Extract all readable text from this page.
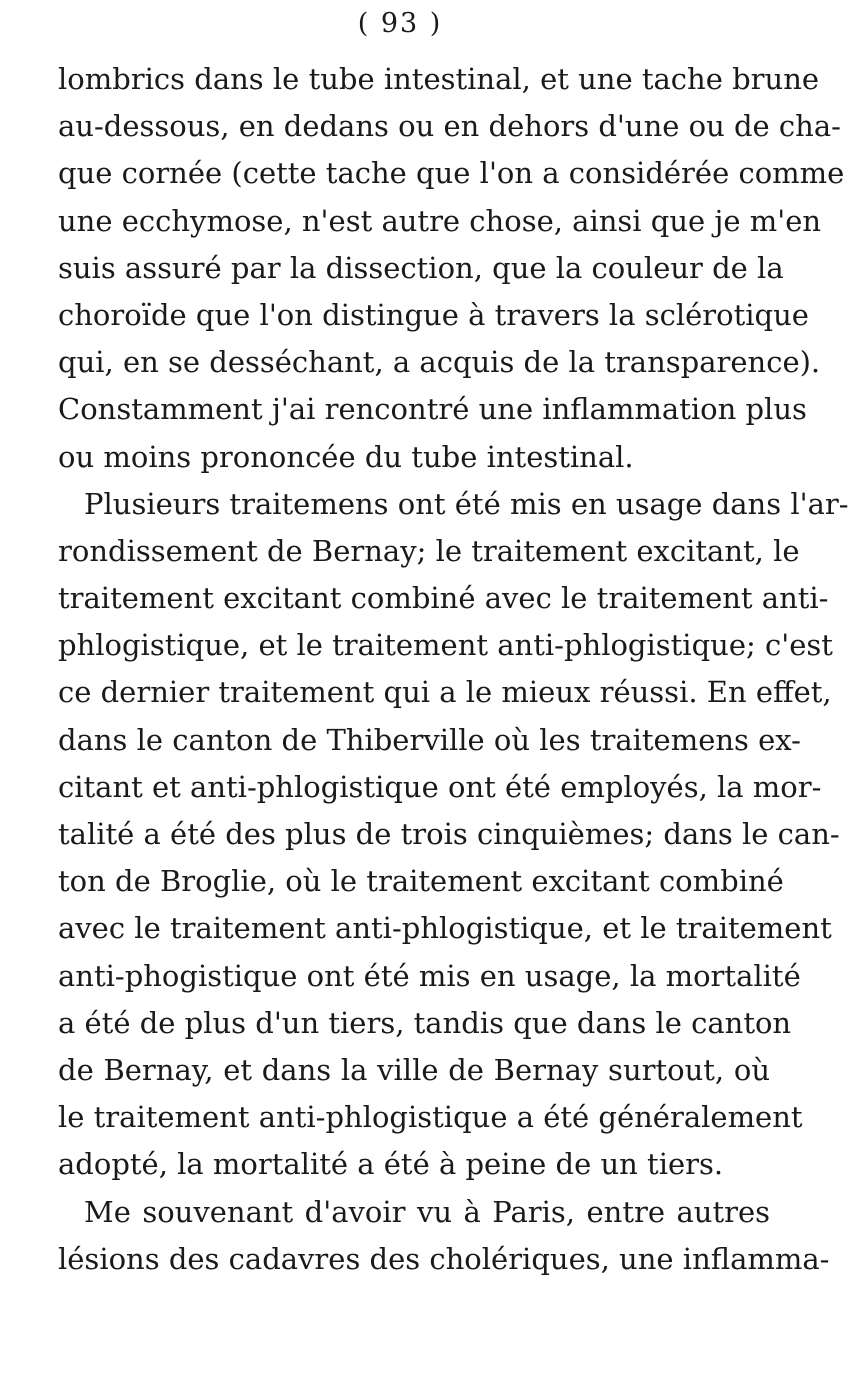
( 93 )
lombrics dans le tube intestinal, et une tache brune
au-dessous, en dedans ou en dehors d'une ou de cha-
que cornée (cette tache que l'on a considérée comme
une ecchymose, n'est autre chose, ainsi que je m'en
suis assuré par la dissection, que la couleur de la
choroïde que l'on distingue à travers la sclérotique
qui, en se desséchant, a acquis de la transparence).
Constamment j'ai rencontré une inflammation plus
ou moins prononcée du tube intestinal.
Plusieurs traitemens ont été mis en usage dans l'ar-
rondissement de Bernay; le traitement excitant, le
traitement excitant combiné avec le traitement anti-
phlogistique, et le traitement anti-phlogistique; c'est
ce dernier traitement qui a le mieux réussi. En effet,
dans le canton de Thiberville où les traitemens ex-
citant et anti-phlogistique ont été employés, la mor-
talité a été des plus de trois cinquièmes; dans le can-
ton de Broglie, où le traitement excitant combiné
avec le traitement anti-phlogistique, et le traitement
anti-phogistique ont été mis en usage, la mortalité
a été de plus d'un tiers, tandis que dans le canton
de Bernay, et dans la ville de Bernay surtout, où
le traitement anti-phlogistique a été généralement
adopté, la mortalité a été à peine de un tiers.
Me souvenant d'avoir vu à Paris, entre autres
lésions des cadavres des cholériques, une inflamma-
